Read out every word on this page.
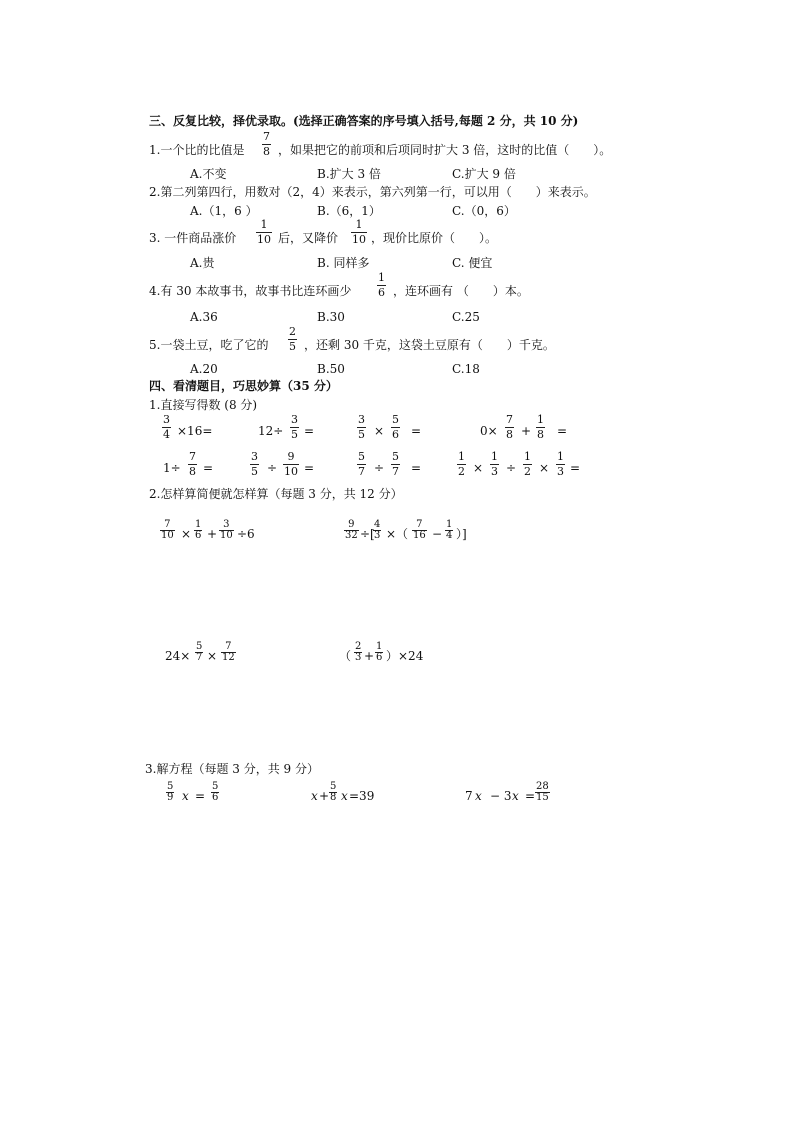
三、反复比较，择优录取。(选择正确答案的序号填入括号,每题 2 分，共 10 分)
1.一个比的比值是
7
8 ，如果把它的前项和后项同时扩大 3 倍，这时的比值（　　）。
A.不变	B.扩大 3 倍	C.扩大 9 倍
2.第二列第四行，用数对（2，4）来表示，第六列第一行，可以用（　　）来表示。
A.（1，6 ）	B.（6，1）	C.（0，6）
3. 一件商品涨价
1
10 后，又降价
1
10 ，现价比原价（　　）。
A.贵	B. 同样多	C. 便宜
4.有 30 本故事书，故事书比连环画少
1
6 ，连环画有 （　　）本。
A.36	B.30	C.25
5.一袋土豆，吃了它的
2
5 ，还剩 30 千克，这袋土豆原有（　　）千克。
A.20	B.50	C.18
四、看清题目，巧思妙算（35 分）
1.直接写得数 (8 分)
3
4 ×16=	12÷
3
5 =
3
5 ×
5
6 =	0×
7
8 +
1
8 =
1÷
7
8 =
3
5 ÷
9
10 =
5
7 ÷
5
7 =
1
2 ×
1
3 ÷
1
2 ×
1
3 =
2.怎样算简便就怎样算（每题 3 分，共 12 分）
7
10 ×
1
6 +
3
10 ÷6
9
32 ÷[
4
3 ×（
7
16 −
1
4 ）]
24×
5
7 ×
7
12	（
2
3 +
1
6 ）×24
3.解方程（每题 3 分，共 9 分）
5
9 x =
5
6	x +
5
8 x =39	7 x − 3 x =
28
15
